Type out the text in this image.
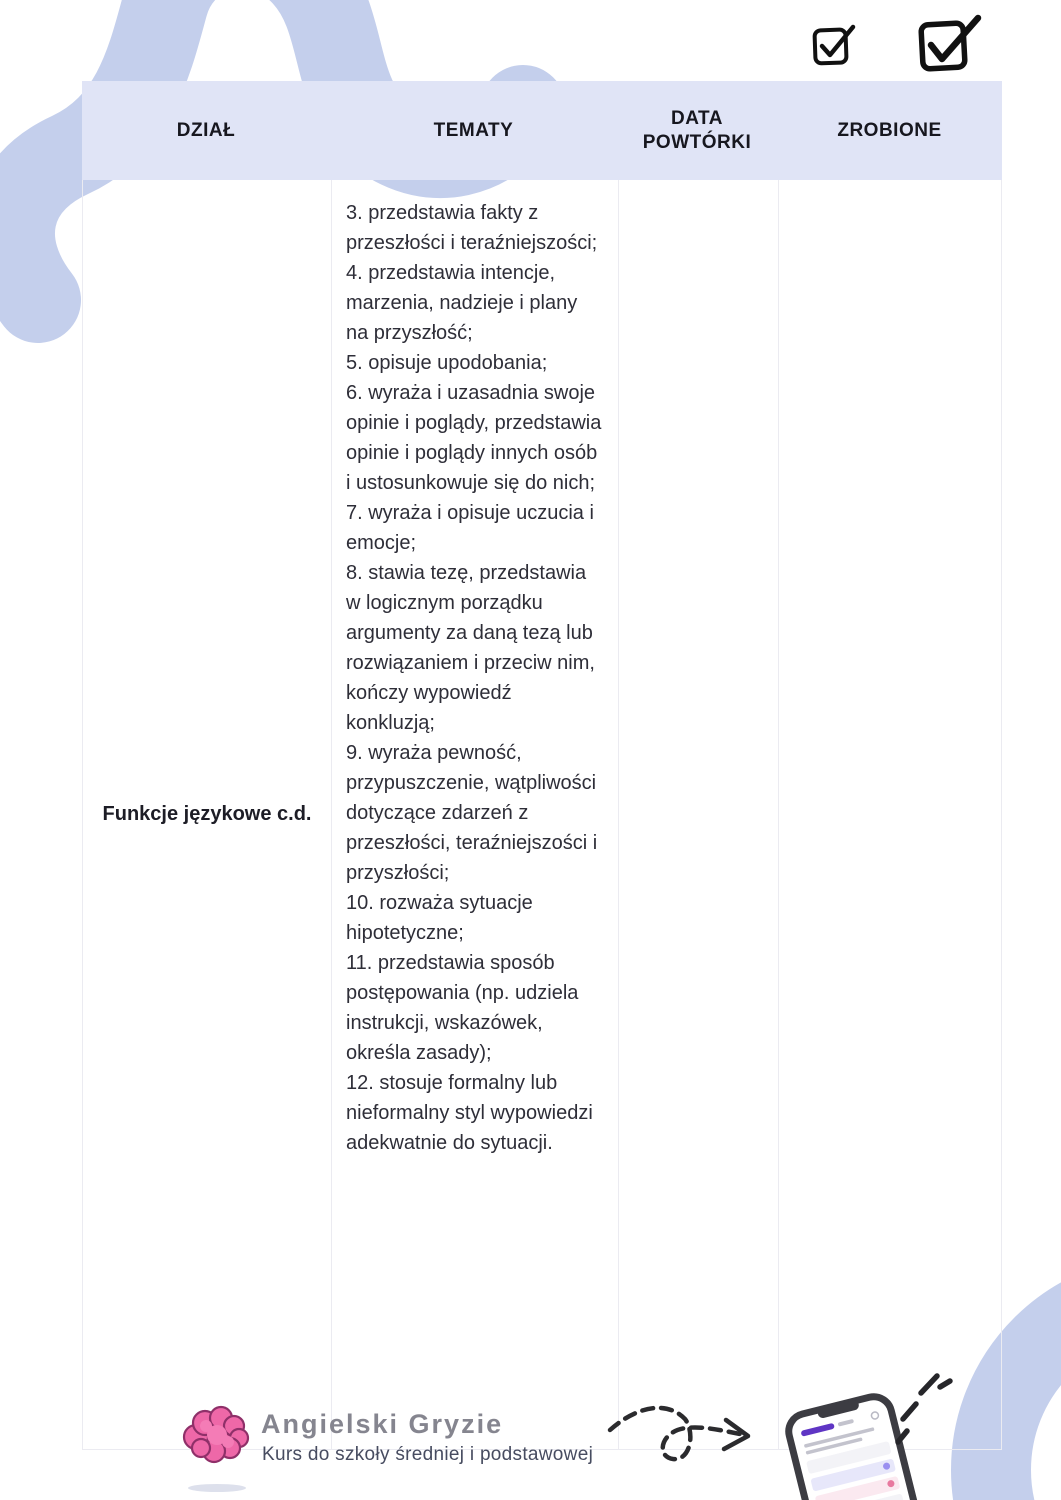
DZIAŁ	TEMATY
DATA POWTÓRKI
ZROBIONE
Funkcje językowe c.d.
3. przedstawia fakty z przeszłości i teraźniejszości;
4. przedstawia intencje, marzenia, nadzieje i plany na przyszłość;
5. opisuje upodobania;
6. wyraża i uzasadnia swoje opinie i poglądy, przedstawia opinie i poglądy innych osób i ustosunkowuje się do nich;
7. wyraża i opisuje uczucia i emocje;
8. stawia tezę, przedstawia w logicznym porządku argumenty za daną tezą lub rozwiązaniem i przeciw nim, kończy wypowiedź konkluzją;
9. wyraża pewność, przypuszczenie, wątpliwości dotyczące zdarzeń z przeszłości, teraźniejszości i przyszłości;
10. rozważa sytuacje hipotetyczne;
11. przedstawia sposób postępowania (np. udziela instrukcji, wskazówek, określa zasady);
12. stosuje formalny lub nieformalny styl wypowiedzi adekwatnie do sytuacji.
Angielski Gryzie
Kurs do szkoły średniej i podstawowej
